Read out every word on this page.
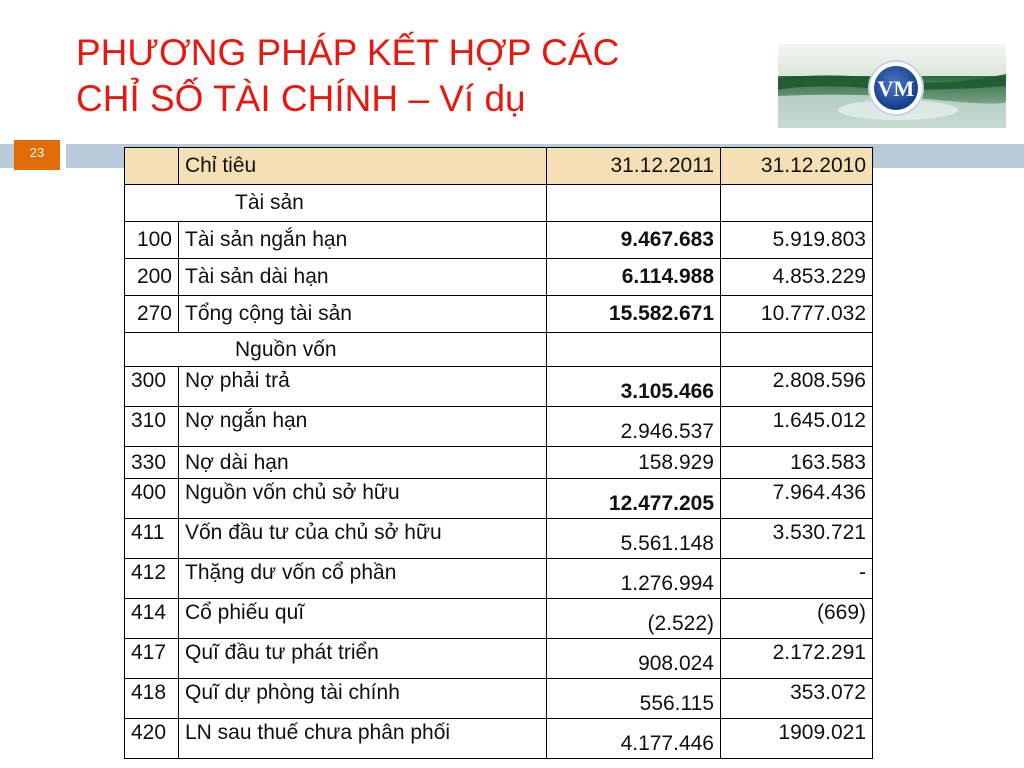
PHƯƠNG PHÁP KẾT HỢP CÁC
CHỈ SỐ TÀI CHÍNH – Ví dụ	VM
23
	Chỉ tiêu	31.12.2011	31.12.2010
Tài sản			
100	Tài sản ngắn hạn	9.467.683	5.919.803
200	Tài sản dài hạn	6.114.988	4.853.229
270	Tổng cộng tài sản	15.582.671	10.777.032
Nguồn vốn			
300	Nợ phải trả	3.105.466	2.808.596
310	Nợ ngắn hạn	2.946.537	1.645.012
330	Nợ dài hạn	158.929	163.583
400	Nguồn vốn chủ sở hữu	12.477.205	7.964.436
411	Vốn đầu tư của chủ sở hữu	5.561.148	3.530.721
412	Thặng dư vốn cổ phần	1.276.994	-
414	Cổ phiếu quĩ	(2.522)	(669)
417	Quĩ đầu tư phát triển	908.024	2.172.291
418	Quĩ dự phòng tài chính	556.115	353.072
420	LN sau thuế chưa phân phối	4.177.446	1909.021
